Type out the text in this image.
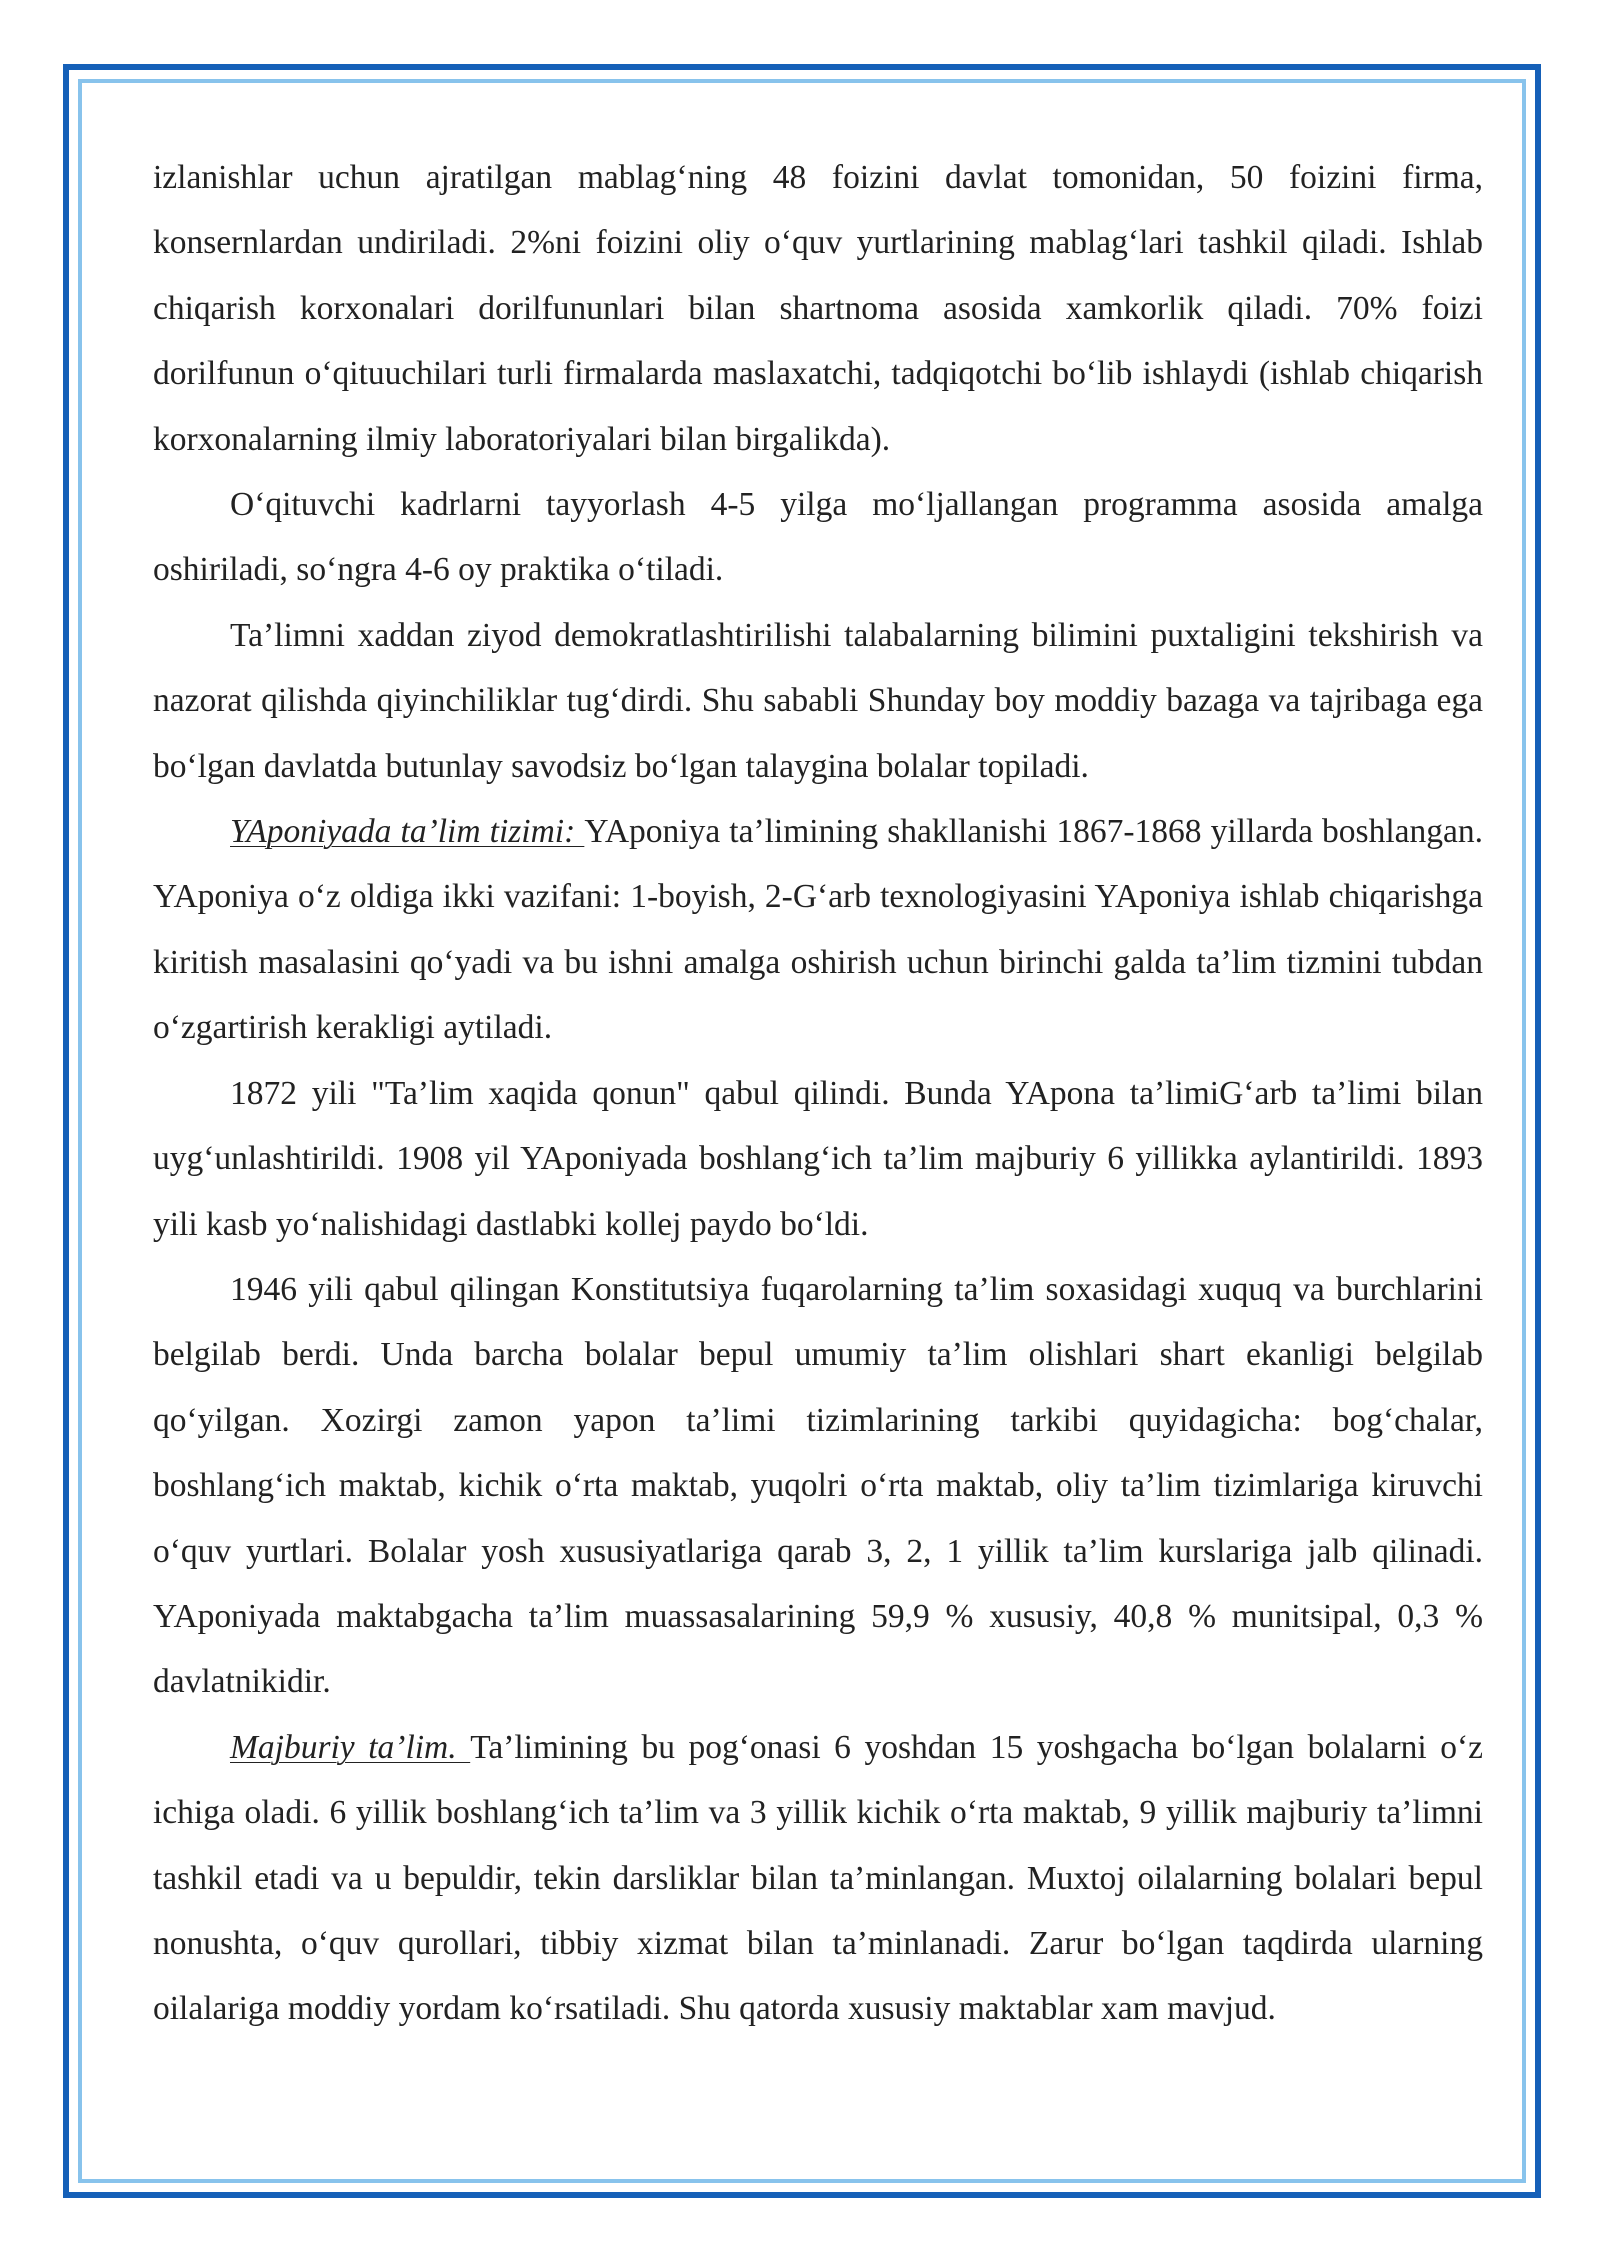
izlanishlar uchun ajratilgan mablag‘ning 48 foizini davlat tomonidan, 50 foizini firma, konsernlardan undiriladi. 2%ni foizini oliy o‘quv yurtlarining mablag‘lari tashkil qiladi. Ishlab chiqarish korxonalari dorilfununlari bilan shartnoma asosida xamkorlik qiladi. 70% foizi dorilfunun o‘qituuchilari turli firmalarda maslaxatchi, tadqiqotchi bo‘lib ishlaydi (ishlab chiqarish korxonalarning ilmiy laboratoriyalari bilan birgalikda).

O‘qituvchi kadrlarni tayyorlash 4-5 yilga mo‘ljallangan programma asosida amalga oshiriladi, so‘ngra 4-6 oy praktika o‘tiladi.

Ta’limni xaddan ziyod demokratlashtirilishi talabalarning bilimini puxtaligini tekshirish va nazorat qilishda qiyinchiliklar tug‘dirdi. Shu sababli Shunday boy moddiy bazaga va tajribaga ega bo‘lgan davlatda butunlay savodsiz bo‘lgan talaygina bolalar topiladi.

YAponiyada ta’lim tizimi: YAponiya ta’limining shakllanishi 1867-1868 yillarda boshlangan. YAponiya o‘z oldiga ikki vazifani: 1-boyish, 2-G‘arb texnologiyasini YAponiya ishlab chiqarishga kiritish masalasini qo‘yadi va bu ishni amalga oshirish uchun birinchi galda ta’lim tizmini tubdan o‘zgartirish kerakligi aytiladi.

1872 yili "Ta’lim xaqida qonun" qabul qilindi. Bunda YApona ta’limiG‘arb ta’limi bilan uyg‘unlashtirildi. 1908 yil YAponiyada boshlang‘ich ta’lim majburiy 6 yillikka aylantirildi. 1893 yili kasb yo‘nalishidagi dastlabki kollej paydo bo‘ldi.

1946 yili qabul qilingan Konstitutsiya fuqarolarning ta’lim soxasidagi xuquq va burchlarini belgilab berdi. Unda barcha bolalar bepul umumiy ta’lim olishlari shart ekanligi belgilab qo‘yilgan. Xozirgi zamon yapon ta’limi tizimlarining tarkibi quyidagicha: bog‘chalar, boshlang‘ich maktab, kichik o‘rta maktab, yuqolri o‘rta maktab, oliy ta’lim tizimlariga kiruvchi o‘quv yurtlari. Bolalar yosh xususiyatlariga qarab 3, 2, 1 yillik ta’lim kurslariga jalb qilinadi. YAponiyada maktabgacha ta’lim muassasalarining 59,9 % xususiy, 40,8 % munitsipal, 0,3 % davlatnikidir.

Majburiy ta’lim. Ta’limining bu pog‘onasi 6 yoshdan 15 yoshgacha bo‘lgan bolalarni o‘z ichiga oladi. 6 yillik boshlang‘ich ta’lim va 3 yillik kichik o‘rta maktab, 9 yillik majburiy ta’limni tashkil etadi va u bepuldir, tekin darsliklar bilan ta’minlangan. Muxtoj oilalarning bolalari bepul nonushta, o‘quv qurollari, tibbiy xizmat bilan ta’minlanadi. Zarur bo‘lgan taqdirda ularning oilalariga moddiy yordam ko‘rsatiladi. Shu qatorda xususiy maktablar xam mavjud.
